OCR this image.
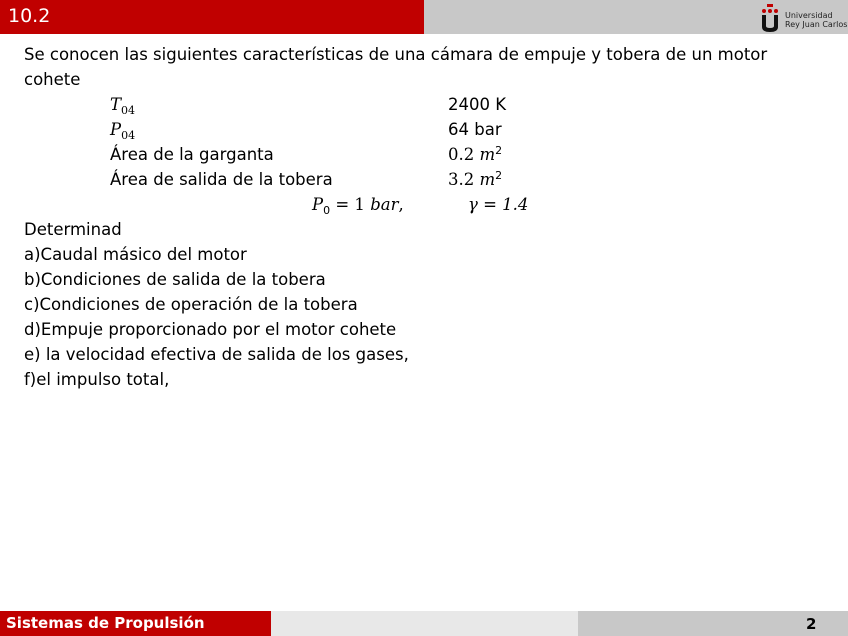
10.2	Universidad
Rey Juan Carlos

Se conocen las siguientes características de una cámara de empuje y tobera de un motor cohete

$T_{04}$	2400 K
$P_{04}$	64 bar
Área de la garganta	0.2 $m^2$
Área de salida de la tobera	3.2 $m^2$
$P_0 = 1$ bar,	γ = 1.4
Determinad
a)Caudal másico del motor
b)Condiciones de salida de la tobera
c)Condiciones de operación de la tobera
d)Empuje proporcionado por el motor cohete
e) la velocidad efectiva de salida de los gases,
f)el impulso total,
Sistemas de Propulsión	2
